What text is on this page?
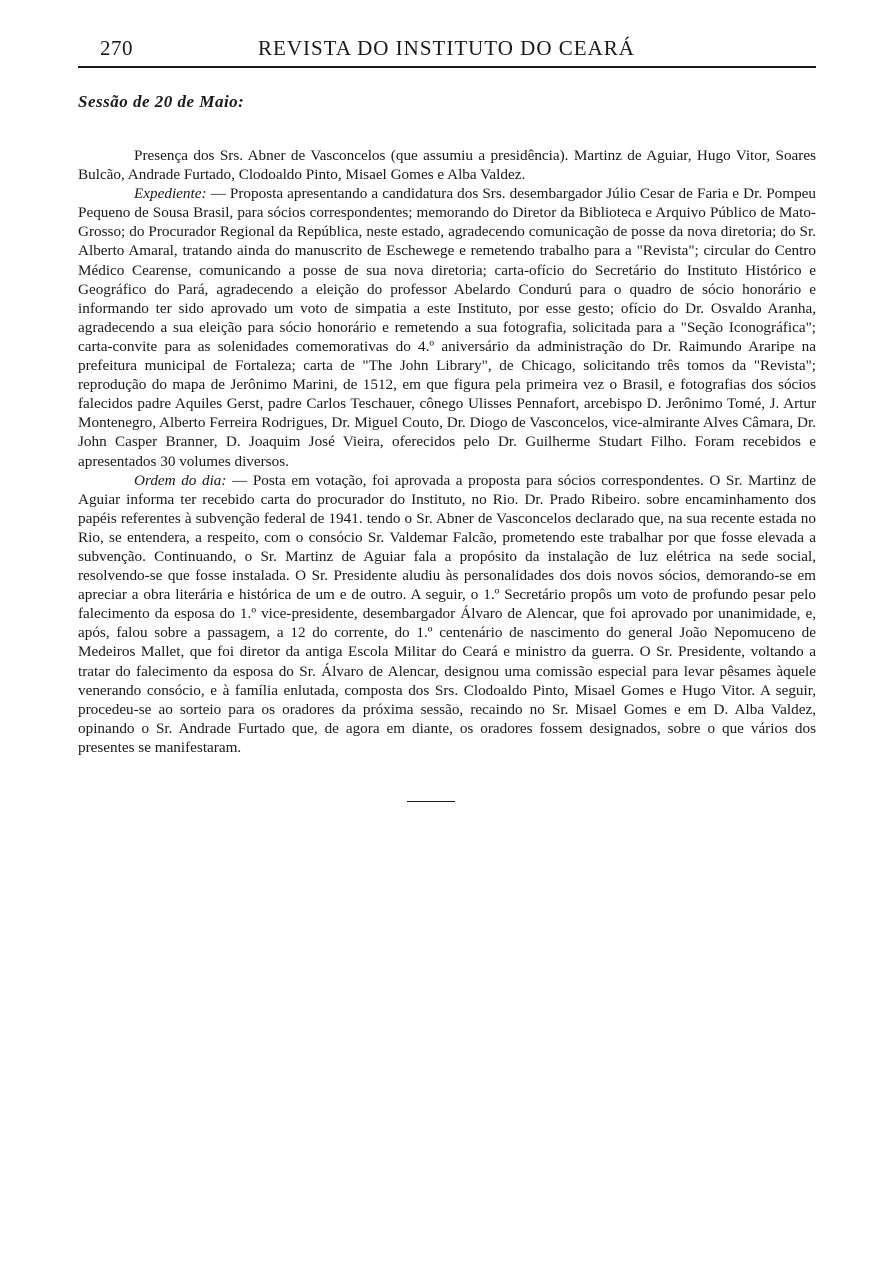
270	REVISTA DO INSTITUTO DO CEARÁ
Sessão de 20 de Maio:

Presença dos Srs. Abner de Vasconcelos (que assumiu a presidência). Martinz de Aguiar, Hugo Vitor, Soares Bulcão, Andrade Furtado, Clodoaldo Pinto, Misael Gomes e Alba Valdez.

Expediente: — Proposta apresentando a candidatura dos Srs. desembargador Júlio Cesar de Faria e Dr. Pompeu Pequeno de Sousa Brasil, para sócios correspondentes; memorando do Diretor da Biblioteca e Arquivo Público de Mato-Grosso; do Procurador Regional da República, neste estado, agradecendo comunicação de posse da nova diretoria; do Sr. Alberto Amaral, tratando ainda do manuscrito de Eschewege e remetendo trabalho para a "Revista"; circular do Centro Médico Cearense, comunicando a posse de sua nova diretoria; carta-ofício do Secretário do Instituto Histórico e Geográfico do Pará, agradecendo a eleição do professor Abelardo Condurú para o quadro de sócio honorário e informando ter sido aprovado um voto de simpatia a este Instituto, por esse gesto; ofício do Dr. Osvaldo Aranha, agradecendo a sua eleição para sócio honorário e remetendo a sua fotografia, solicitada para a "Seção Iconográfica"; carta-convite para as solenidades comemorativas do 4.º aniversário da administração do Dr. Raimundo Araripe na prefeitura municipal de Fortaleza; carta de "The John Library", de Chicago, solicitando três tomos da "Revista"; reprodução do mapa de Jerônimo Marini, de 1512, em que figura pela primeira vez o Brasil, e fotografias dos sócios falecidos padre Aquiles Gerst, padre Carlos Teschauer, cônego Ulisses Pennafort, arcebispo D. Jerônimo Tomé, J. Artur Montenegro, Alberto Ferreira Rodrigues, Dr. Miguel Couto, Dr. Diogo de Vasconcelos, vice-almirante Alves Câmara, Dr. John Casper Branner, D. Joaquim José Vieira, oferecidos pelo Dr. Guilherme Studart Filho. Foram recebidos e apresentados 30 volumes diversos.

Ordem do dia: — Posta em votação, foi aprovada a proposta para sócios correspondentes. O Sr. Martinz de Aguiar informa ter recebido carta do procurador do Instituto, no Rio. Dr. Prado Ribeiro. sobre encaminhamento dos papéis referentes à subvenção federal de 1941. tendo o Sr. Abner de Vasconcelos declarado que, na sua recente estada no Rio, se entendera, a respeito, com o consócio Sr. Valdemar Falcão, prometendo este trabalhar por que fosse elevada a subvenção. Continuando, o Sr. Martinz de Aguiar fala a propósito da instalação de luz elétrica na sede social, resolvendo-se que fosse instalada. O Sr. Presidente aludiu às personalidades dos dois novos sócios, demorando-se em apreciar a obra literária e histórica de um e de outro. A seguir, o 1.º Secretário propôs um voto de profundo pesar pelo falecimento da esposa do 1.º vice-presidente, desembargador Álvaro de Alencar, que foi aprovado por unanimidade, e, após, falou sobre a passagem, a 12 do corrente, do 1.º centenário de nascimento do general João Nepomuceno de Medeiros Mallet, que foi diretor da antiga Escola Militar do Ceará e ministro da guerra. O Sr. Presidente, voltando a tratar do falecimento da esposa do Sr. Álvaro de Alencar, designou uma comissão especial para levar pêsames àquele venerando consócio, e à família enlutada, composta dos Srs. Clodoaldo Pinto, Misael Gomes e Hugo Vitor. A seguir, procedeu-se ao sorteio para os oradores da próxima sessão, recaindo no Sr. Misael Gomes e em D. Alba Valdez, opinando o Sr. Andrade Furtado que, de agora em diante, os oradores fossem designados, sobre o que vários dos presentes se manifestaram.
